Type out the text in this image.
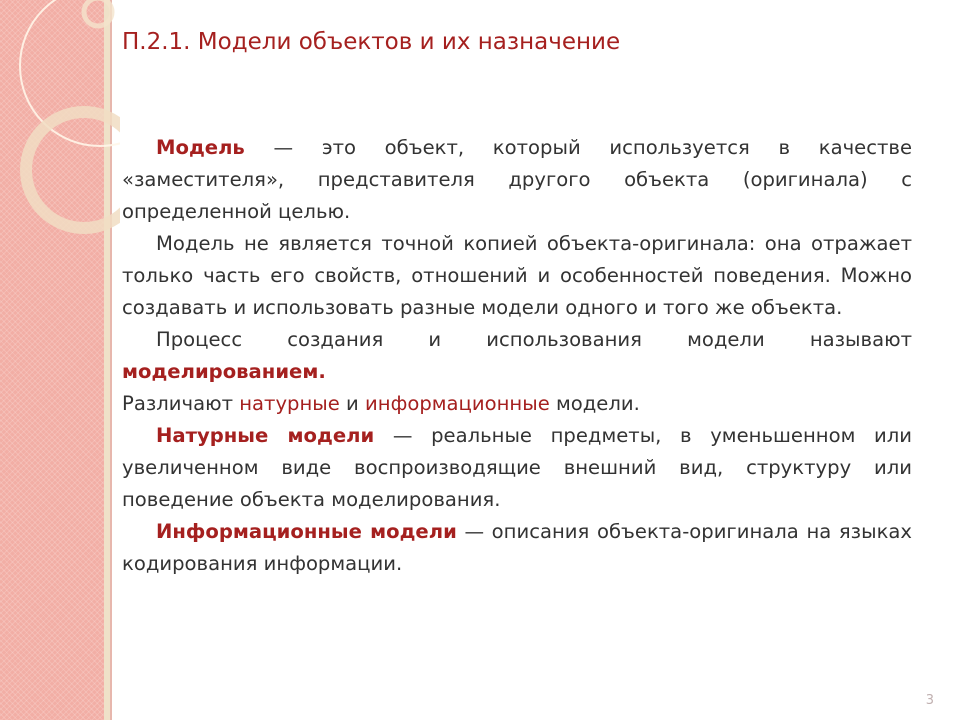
П.2.1. Модели объектов и их назначение

Модель — это объект, который используется в качестве «заместителя», представителя другого объекта (оригинала) с определенной целью.

Модель не является точной копией объекта-оригинала: она отражает только часть его свойств, отношений и особенностей поведения. Можно создавать и использовать разные модели одного и того же объекта.

Процесс создания и использования модели называют моделированием.

Различают натурные и информационные модели.

Натурные модели — реальные предметы, в уменьшенном или увеличенном виде воспроизводящие внешний вид, структуру или поведение объекта моделирования.

Информационные модели — описания объекта-оригинала на языках кодирования информации.

3
